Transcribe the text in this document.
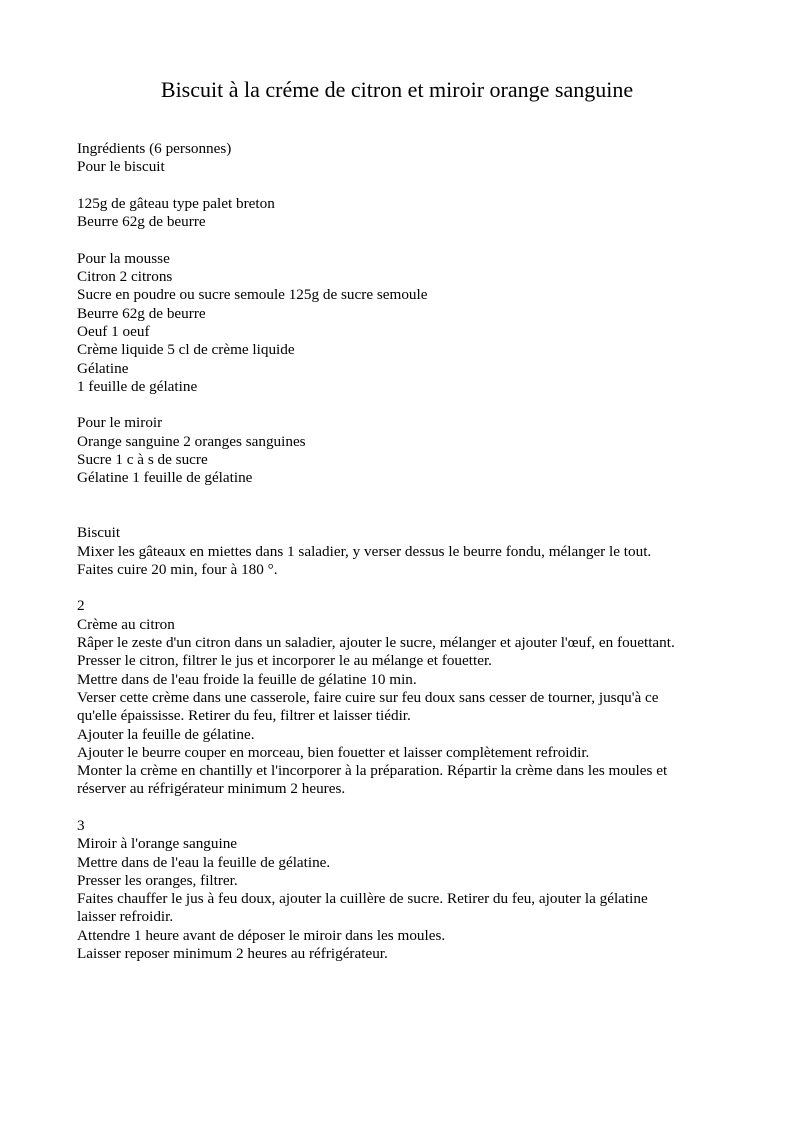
Biscuit à la créme de citron et miroir orange sanguine
Ingrédients (6 personnes)
Pour le biscuit
125g de gâteau type palet breton
Beurre 62g de beurre
Pour la mousse
Citron 2 citrons
Sucre en poudre ou sucre semoule 125g de sucre semoule
Beurre 62g de beurre
Oeuf 1 oeuf
Crème liquide 5 cl de crème liquide
Gélatine
1 feuille de gélatine
Pour le miroir
Orange sanguine 2 oranges sanguines
Sucre 1 c à s de sucre
Gélatine 1 feuille de gélatine
Biscuit
Mixer les gâteaux en miettes dans 1 saladier, y verser dessus le beurre fondu, mélanger le tout.
Faites cuire 20 min, four à 180 °.
2
Crème au citron
Râper le zeste d'un citron dans un saladier, ajouter le sucre, mélanger et ajouter l'œuf, en fouettant.
Presser le citron, filtrer le jus et incorporer le au mélange et fouetter.
Mettre dans de l'eau froide la feuille de gélatine 10 min.
Verser cette crème dans une casserole, faire cuire sur feu doux sans cesser de tourner, jusqu'à ce
qu'elle épaississe. Retirer du feu, filtrer et laisser tiédir.
Ajouter la feuille de gélatine.
Ajouter le beurre couper en morceau, bien fouetter et laisser complètement refroidir.
Monter la crème en chantilly et l'incorporer à la préparation. Répartir la crème dans les moules et
réserver au réfrigérateur minimum 2 heures.
3
Miroir à l'orange sanguine
Mettre dans de l'eau la feuille de gélatine.
Presser les oranges, filtrer.
Faites chauffer le jus à feu doux, ajouter la cuillère de sucre. Retirer du feu, ajouter la gélatine
laisser refroidir.
Attendre 1 heure avant de déposer le miroir dans les moules.
Laisser reposer minimum 2 heures au réfrigérateur.
